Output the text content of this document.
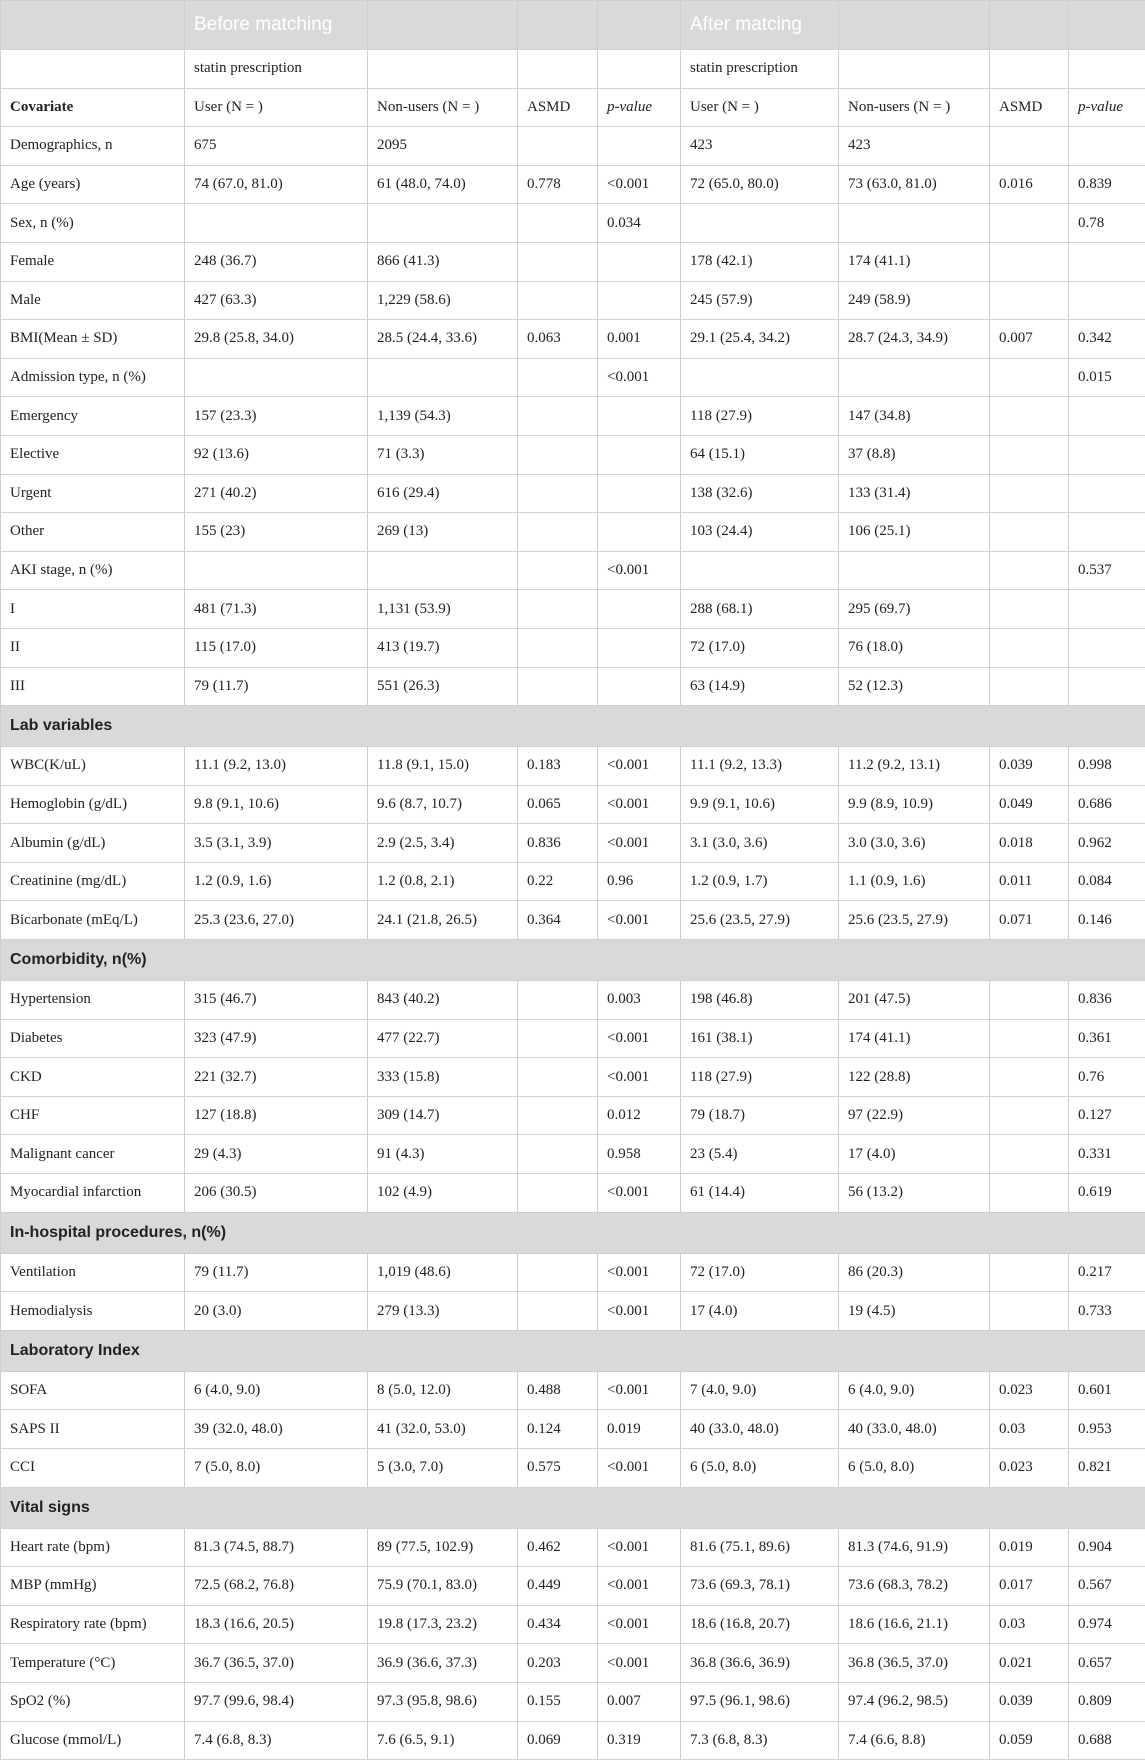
	Before matching				After matcing			
	statin prescription				statin prescription			
Covariate	User (N = )	Non-users (N = )	ASMD	p-value	User (N = )	Non-users (N = )	ASMD	p-value
Demographics, n	675	2095			423	423		
Age (years)	74 (67.0, 81.0)	61 (48.0, 74.0)	0.778	<0.001	72 (65.0, 80.0)	73 (63.0, 81.0)	0.016	0.839
Sex, n (%)				0.034				0.78
Female	248 (36.7)	866 (41.3)			178 (42.1)	174 (41.1)		
Male	427 (63.3)	1,229 (58.6)			245 (57.9)	249 (58.9)		
BMI(Mean ± SD)	29.8 (25.8, 34.0)	28.5 (24.4, 33.6)	0.063	0.001	29.1 (25.4, 34.2)	28.7 (24.3, 34.9)	0.007	0.342
Admission type, n (%)				<0.001				0.015
Emergency	157 (23.3)	1,139 (54.3)			118 (27.9)	147 (34.8)		
Elective	92 (13.6)	71 (3.3)			64 (15.1)	37 (8.8)		
Urgent	271 (40.2)	616 (29.4)			138 (32.6)	133 (31.4)		
Other	155 (23)	269 (13)			103 (24.4)	106 (25.1)		
AKI stage, n (%)				<0.001				0.537
I	481 (71.3)	1,131 (53.9)			288 (68.1)	295 (69.7)		
II	115 (17.0)	413 (19.7)			72 (17.0)	76 (18.0)		
III	79 (11.7)	551 (26.3)			63 (14.9)	52 (12.3)		
Lab variables								
WBC(K/uL)	11.1 (9.2, 13.0)	11.8 (9.1, 15.0)	0.183	<0.001	11.1 (9.2, 13.3)	11.2 (9.2, 13.1)	0.039	0.998
Hemoglobin (g/dL)	9.8 (9.1, 10.6)	9.6 (8.7, 10.7)	0.065	<0.001	9.9 (9.1, 10.6)	9.9 (8.9, 10.9)	0.049	0.686
Albumin (g/dL)	3.5 (3.1, 3.9)	2.9 (2.5, 3.4)	0.836	<0.001	3.1 (3.0, 3.6)	3.0 (3.0, 3.6)	0.018	0.962
Creatinine (mg/dL)	1.2 (0.9, 1.6)	1.2 (0.8, 2.1)	0.22	0.96	1.2 (0.9, 1.7)	1.1 (0.9, 1.6)	0.011	0.084
Bicarbonate (mEq/L)	25.3 (23.6, 27.0)	24.1 (21.8, 26.5)	0.364	<0.001	25.6 (23.5, 27.9)	25.6 (23.5, 27.9)	0.071	0.146
Comorbidity, n(%)								
Hypertension	315 (46.7)	843 (40.2)		0.003	198 (46.8)	201 (47.5)		0.836
Diabetes	323 (47.9)	477 (22.7)		<0.001	161 (38.1)	174 (41.1)		0.361
CKD	221 (32.7)	333 (15.8)		<0.001	118 (27.9)	122 (28.8)		0.76
CHF	127 (18.8)	309 (14.7)		0.012	79 (18.7)	97 (22.9)		0.127
Malignant cancer	29 (4.3)	91 (4.3)		0.958	23 (5.4)	17 (4.0)		0.331
Myocardial infarction	206 (30.5)	102 (4.9)		<0.001	61 (14.4)	56 (13.2)		0.619
In-hospital procedures, n(%)								
Ventilation	79 (11.7)	1,019 (48.6)		<0.001	72 (17.0)	86 (20.3)		0.217
Hemodialysis	20 (3.0)	279 (13.3)		<0.001	17 (4.0)	19 (4.5)		0.733
Laboratory Index								
SOFA	6 (4.0, 9.0)	8 (5.0, 12.0)	0.488	<0.001	7 (4.0, 9.0)	6 (4.0, 9.0)	0.023	0.601
SAPS II	39 (32.0, 48.0)	41 (32.0, 53.0)	0.124	0.019	40 (33.0, 48.0)	40 (33.0, 48.0)	0.03	0.953
CCI	7 (5.0, 8.0)	5 (3.0, 7.0)	0.575	<0.001	6 (5.0, 8.0)	6 (5.0, 8.0)	0.023	0.821
Vital signs								
Heart rate (bpm)	81.3 (74.5, 88.7)	89 (77.5, 102.9)	0.462	<0.001	81.6 (75.1, 89.6)	81.3 (74.6, 91.9)	0.019	0.904
MBP (mmHg)	72.5 (68.2, 76.8)	75.9 (70.1, 83.0)	0.449	<0.001	73.6 (69.3, 78.1)	73.6 (68.3, 78.2)	0.017	0.567
Respiratory rate (bpm)	18.3 (16.6, 20.5)	19.8 (17.3, 23.2)	0.434	<0.001	18.6 (16.8, 20.7)	18.6 (16.6, 21.1)	0.03	0.974
Temperature (°C)	36.7 (36.5, 37.0)	36.9 (36.6, 37.3)	0.203	<0.001	36.8 (36.6, 36.9)	36.8 (36.5, 37.0)	0.021	0.657
SpO2 (%)	97.7 (99.6, 98.4)	97.3 (95.8, 98.6)	0.155	0.007	97.5 (96.1, 98.6)	97.4 (96.2, 98.5)	0.039	0.809
Glucose (mmol/L)	7.4 (6.8, 8.3)	7.6 (6.5, 9.1)	0.069	0.319	7.3 (6.8, 8.3)	7.4 (6.6, 8.8)	0.059	0.688
